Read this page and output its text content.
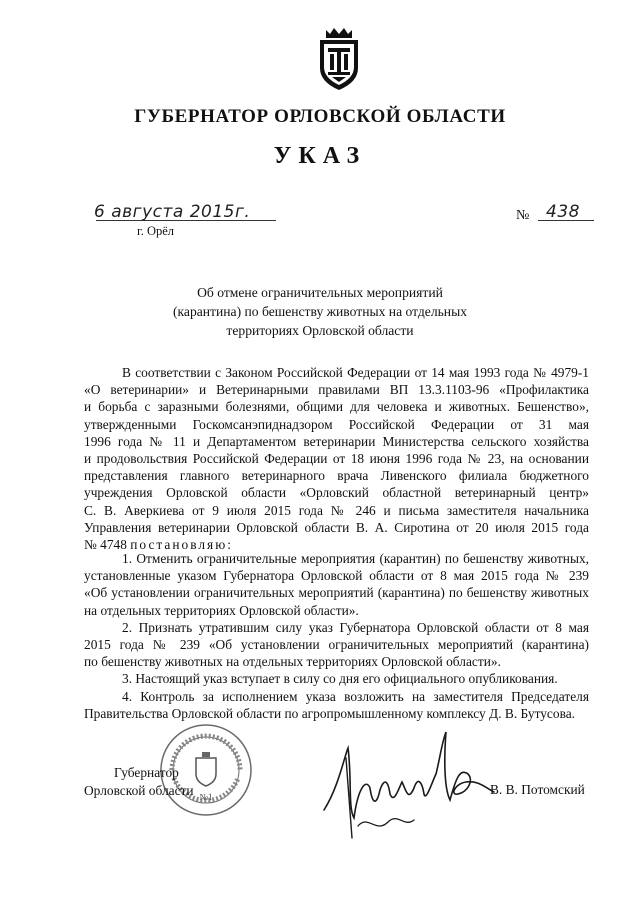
ГУБЕРНАТОР ОРЛОВСКОЙ ОБЛАСТИ
УКАЗ
6 августа 2015г.
г. Орёл
№ 438
Об отмене ограничительных мероприятий
(карантина) по бешенству животных на отдельных
территориях Орловской области
В соответствии с Законом Российской Федерации от 14 мая 1993 года № 4979-1
«О ветеринарии» и Ветеринарными правилами ВП 13.3.1103-96 «Профилактика
и борьба с заразными болезнями, общими для человека и животных. Бешенство»,
утвержденными Госкомсанэпиднадзором Российской Федерации от 31 мая
1996 года № 11 и Департаментом ветеринарии Министерства сельского хозяйства
и продовольствия Российской Федерации от 18 июня 1996 года № 23, на основании
представления главного ветеринарного врача Ливенского филиала бюджетного
учреждения Орловской области «Орловский областной ветеринарный центр»
С. В. Аверкиева от 9 июля 2015 года № 246 и письма заместителя начальника
Управления ветеринарии Орловской области В. А. Сиротина от 20 июля 2015 года
№ 4748 постановляю:
1. Отменить ограничительные мероприятия (карантин) по бешенству животных,
установленные указом Губернатора Орловской области от 8 мая 2015 года № 239
«Об установлении ограничительных мероприятий (карантина) по бешенству животных
на отдельных территориях Орловской области».
2. Признать утратившим силу указ Губернатора Орловской области от 8 мая
2015 года № 239 «Об установлении ограничительных мероприятий (карантина)
по бешенству животных на отдельных территориях Орловской области».
3. Настоящий указ вступает в силу со дня его официального опубликования.
4. Контроль за исполнением указа возложить на заместителя Председателя
Правительства Орловской области по агропромышленному комплексу Д. В. Бутусова.
№1
Губернатор
Орловской области	В. В. Потомский
